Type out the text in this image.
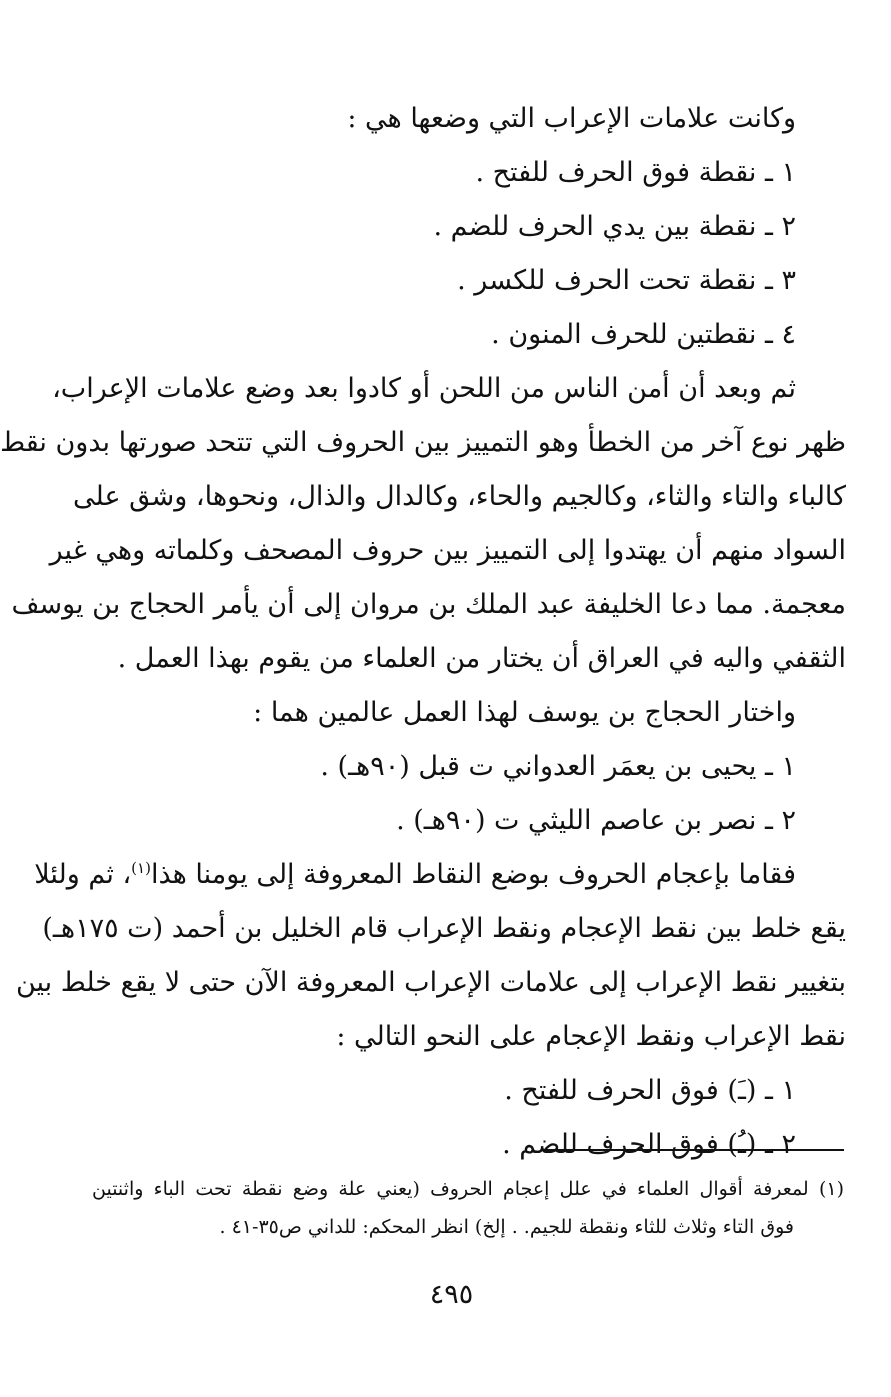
وكانت علامات الإعراب التي وضعها هي :
١ ـ نقطة فوق الحرف للفتح .
٢ ـ نقطة بين يدي الحرف للضم .
٣ ـ نقطة تحت الحرف للكسر .
٤ ـ نقطتين للحرف المنون .
ثم وبعد أن أمن الناس من اللحن أو كادوا بعد وضع علامات الإعراب،
ظهر نوع آخر من الخطأ وهو التمييز بين الحروف التي تتحد صورتها بدون نقط
كالباء والتاء والثاء، وكالجيم والحاء، وكالدال والذال، ونحوها، وشق على
السواد منهم أن يهتدوا إلى التمييز بين حروف المصحف وكلماته وهي غير
معجمة. مما دعا الخليفة عبد الملك بن مروان إلى أن يأمر الحجاج بن يوسف
الثقفي واليه في العراق أن يختار من العلماء من يقوم بهذا العمل .
واختار الحجاج بن يوسف لهذا العمل عالمين هما :
١ ـ يحيى بن يعمَر العدواني ت قبل (٩٠هـ) .
٢ ـ نصر بن عاصم الليثي ت (٩٠هـ) .
فقاما بإعجام الحروف بوضع النقاط المعروفة إلى يومنا هذا$^{(١)}$، ثم ولئلا
يقع خلط بين نقط الإعجام ونقط الإعراب قام الخليل بن أحمد (ت ١٧٥هـ)
بتغيير نقط الإعراب إلى علامات الإعراب المعروفة الآن حتى لا يقع خلط بين
نقط الإعراب ونقط الإعجام على النحو التالي :
١ ـ (ـَ) فوق الحرف للفتح .
٢ ـ (ـُ) فوق الحرف للضم .
(١) لمعرفة أقوال العلماء في علل إعجام الحروف (يعني علة وضع نقطة تحت الباء واثنتين
فوق التاء وثلاث للثاء ونقطة للجيم. . إلخ) انظر المحكم: للداني ص٣٥-٤١ .
٤٩٥
